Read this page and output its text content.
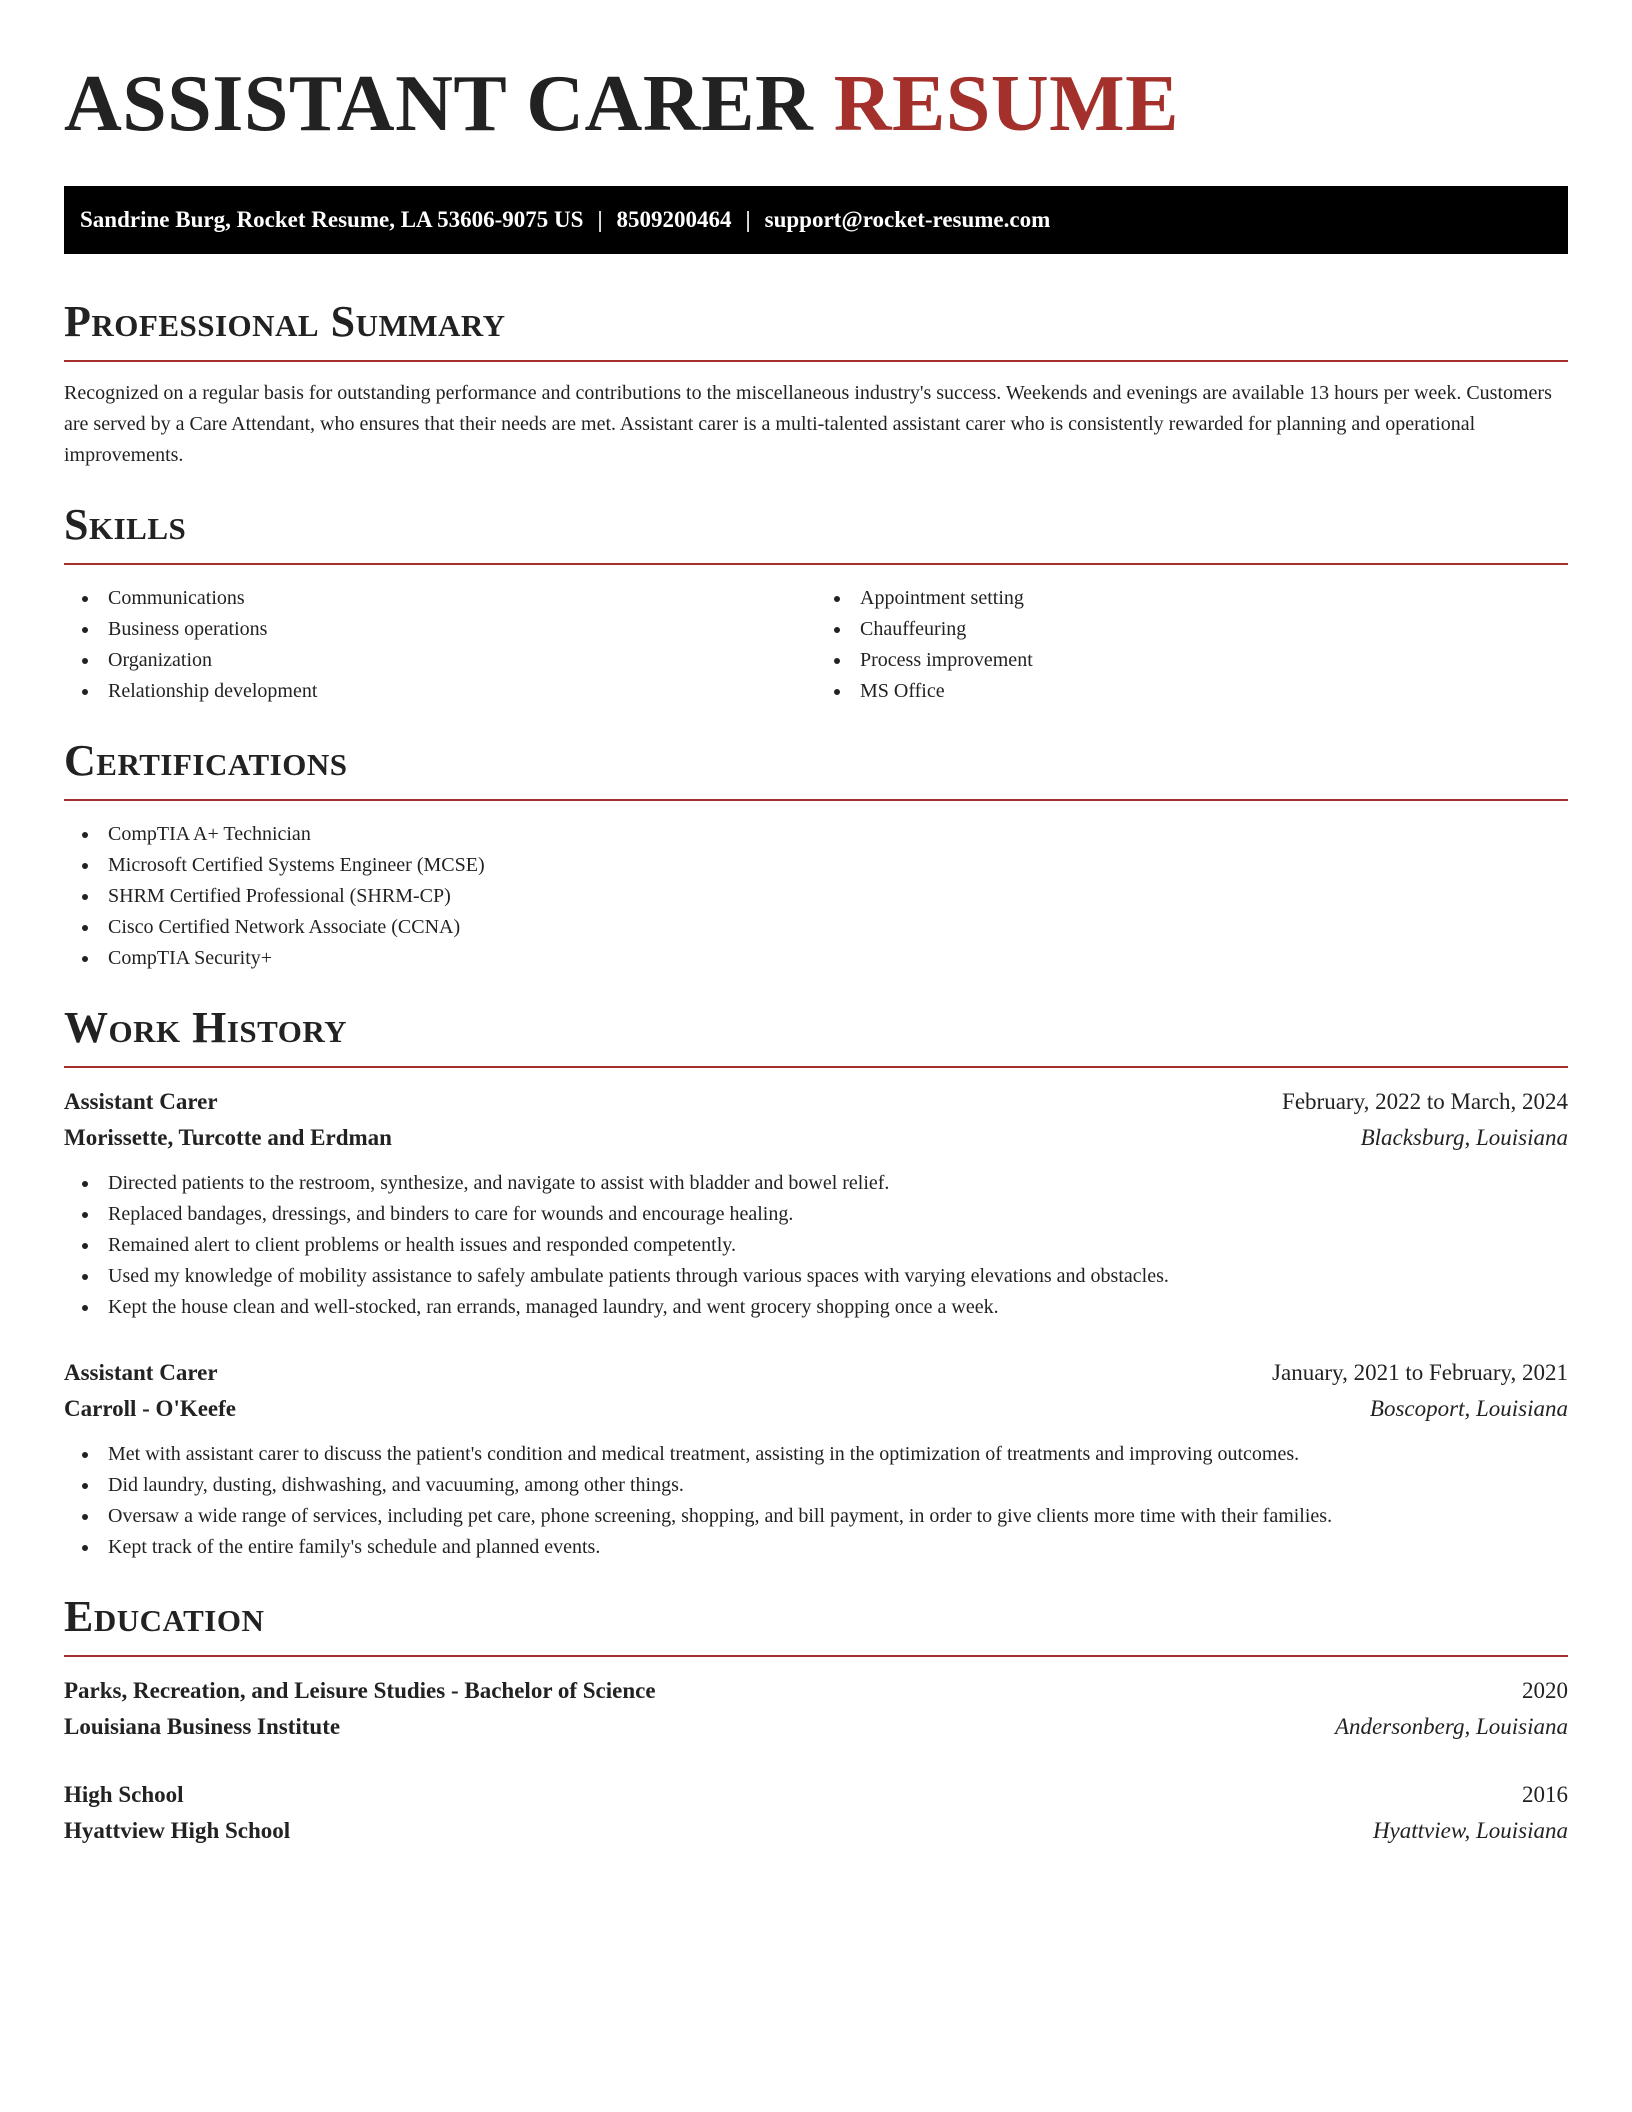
ASSISTANT CARER RESUME
Sandrine Burg, Rocket Resume, LA 53606-9075 US | 8509200464 | support@rocket-resume.com
Professional Summary

Recognized on a regular basis for outstanding performance and contributions to the miscellaneous industry's success. Weekends and evenings are available 13 hours per week. Customers are served by a Care Attendant, who ensures that their needs are met. Assistant carer is a multi-talented assistant carer who is consistently rewarded for planning and operational improvements.

Skills
Communications
Business operations
Organization
Relationship development
Appointment setting
Chauffeuring
Process improvement
MS Office
Certifications
CompTIA A+ Technician
Microsoft Certified Systems Engineer (MCSE)
SHRM Certified Professional (SHRM-CP)
Cisco Certified Network Associate (CCNA)
CompTIA Security+
Work History
Assistant Carer	February, 2022 to March, 2024
Morissette, Turcotte and Erdman	Blacksburg, Louisiana
Directed patients to the restroom, synthesize, and navigate to assist with bladder and bowel relief.
Replaced bandages, dressings, and binders to care for wounds and encourage healing.
Remained alert to client problems or health issues and responded competently.
Used my knowledge of mobility assistance to safely ambulate patients through various spaces with varying elevations and obstacles.
Kept the house clean and well-stocked, ran errands, managed laundry, and went grocery shopping once a week.
Assistant Carer	January, 2021 to February, 2021
Carroll - O'Keefe	Boscoport, Louisiana
Met with assistant carer to discuss the patient's condition and medical treatment, assisting in the optimization of treatments and improving outcomes.
Did laundry, dusting, dishwashing, and vacuuming, among other things.
Oversaw a wide range of services, including pet care, phone screening, shopping, and bill payment, in order to give clients more time with their families.
Kept track of the entire family's schedule and planned events.
Education
Parks, Recreation, and Leisure Studies - Bachelor of Science	2020
Louisiana Business Institute	Andersonberg, Louisiana
High School	2016
Hyattview High School	Hyattview, Louisiana
